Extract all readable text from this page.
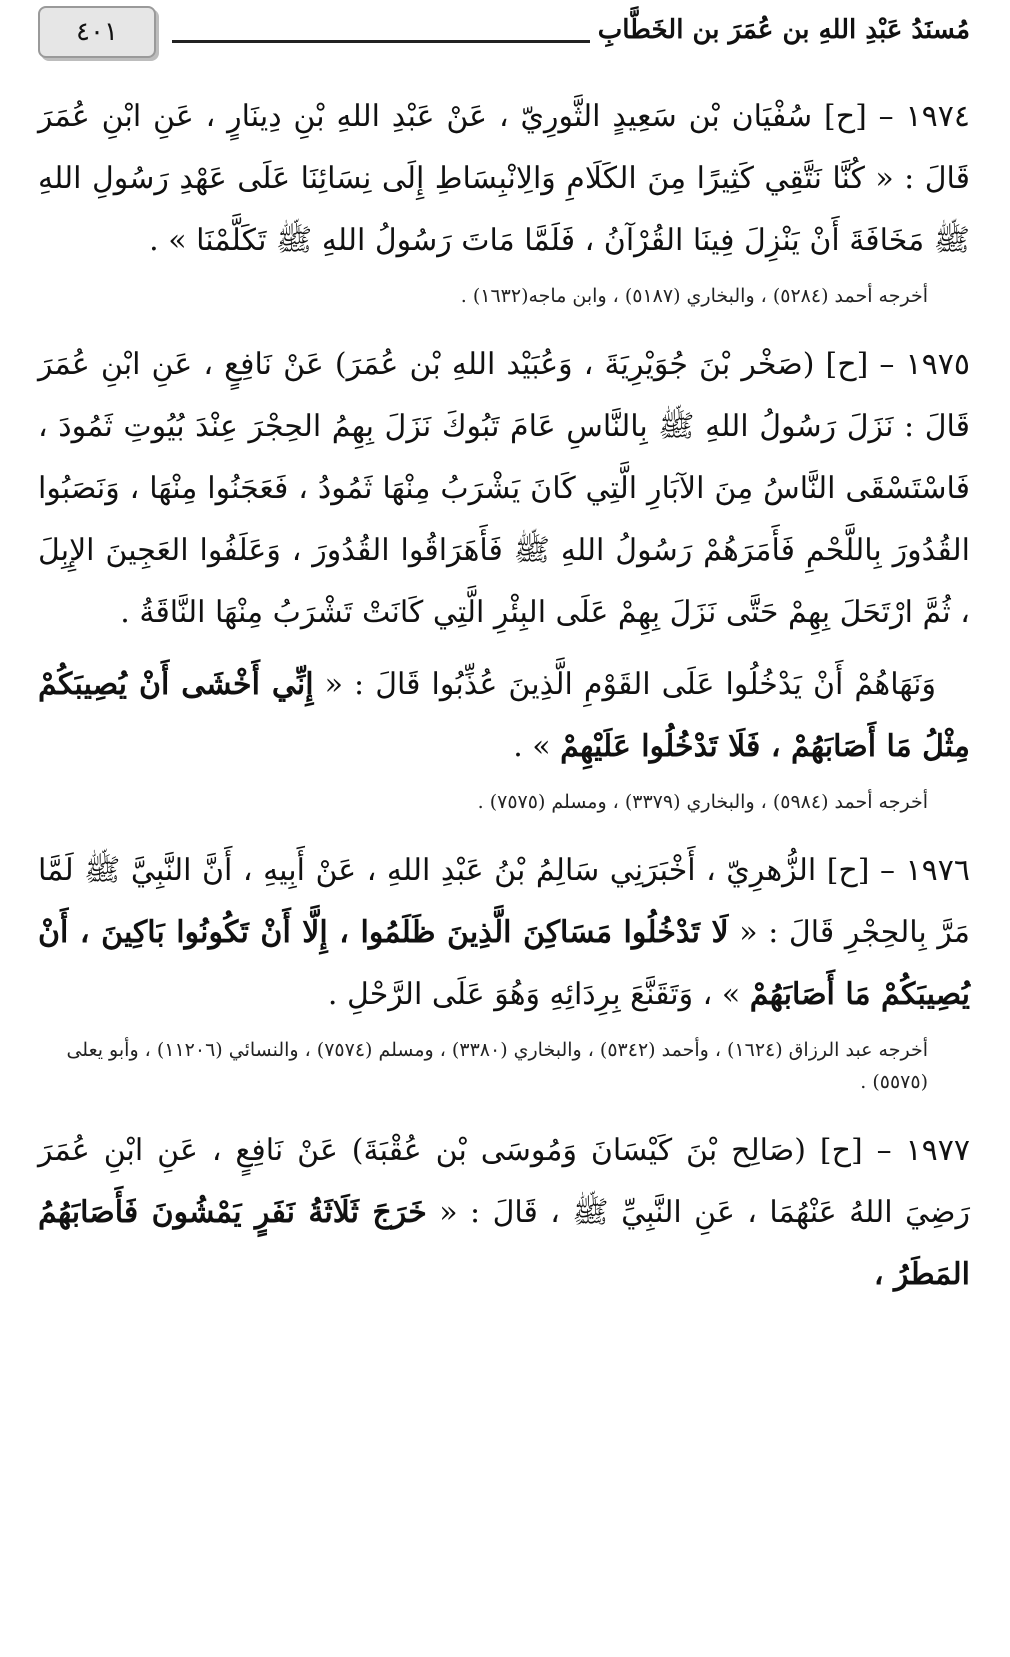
٤٠١	مُسنَدُ عَبْدِ اللهِ بن عُمَرَ بن الخَطَّابِ

١٩٧٤ – [ح] سُفْيَان بْن سَعِيدٍ الثَّورِيّ ، عَنْ عَبْدِ اللهِ بْنِ دِينَارٍ ، عَنِ ابْنِ عُمَرَ قَالَ : « كُنَّا نَتَّقِي كَثِيرًا مِنَ الكَلَامِ وَالِانْبِسَاطِ إِلَى نِسَائِنَا عَلَى عَهْدِ رَسُولِ اللهِ ﷺ مَخَافَةَ أَنْ يَنْزِلَ فِينَا القُرْآنُ ، فَلَمَّا مَاتَ رَسُولُ اللهِ ﷺ تَكَلَّمْنَا » .

أخرجه أحمد (٥٢٨٤) ، والبخاري (٥١٨٧) ، وابن ماجه(١٦٣٢) .

١٩٧٥ – [ح] (صَخْر بْنَ جُوَيْرِيَةَ ، وَعُبَيْد اللهِ بْن عُمَرَ) عَنْ نَافِعٍ ، عَنِ ابْنِ عُمَرَ قَالَ : نَزَلَ رَسُولُ اللهِ ﷺ بِالنَّاسِ عَامَ تَبُوكَ نَزَلَ بِهِمُ الحِجْرَ عِنْدَ بُيُوتِ ثَمُودَ ، فَاسْتَسْقَى النَّاسُ مِنَ الآبَارِ الَّتِي كَانَ يَشْرَبُ مِنْهَا ثَمُودُ ، فَعَجَنُوا مِنْهَا ، وَنَصَبُوا القُدُورَ بِاللَّحْمِ فَأَمَرَهُمْ رَسُولُ اللهِ ﷺ فَأَهَرَاقُوا القُدُورَ ، وَعَلَفُوا العَجِينَ الإِبِلَ ، ثُمَّ ارْتَحَلَ بِهِمْ حَتَّى نَزَلَ بِهِمْ عَلَى البِئْرِ الَّتِي كَانَتْ تَشْرَبُ مِنْهَا النَّاقَةُ .

وَنَهَاهُمْ أَنْ يَدْخُلُوا عَلَى القَوْمِ الَّذِينَ عُذِّبُوا قَالَ : « إِنِّي أَخْشَى أَنْ يُصِيبَكُمْ مِثْلُ مَا أَصَابَهُمْ ، فَلَا تَدْخُلُوا عَلَيْهِمْ » .

أخرجه أحمد (٥٩٨٤) ، والبخاري (٣٣٧٩) ، ومسلم (٧٥٧٥) .

١٩٧٦ – [ح] الزُّهرِيّ ، أَخْبَرَنِي سَالِمُ بْنُ عَبْدِ اللهِ ، عَنْ أَبِيهِ ، أَنَّ النَّبِيَّ ﷺ لَمَّا مَرَّ بِالحِجْرِ قَالَ : « لَا تَدْخُلُوا مَسَاكِنَ الَّذِينَ ظَلَمُوا ، إِلَّا أَنْ تَكُونُوا بَاكِينَ ، أَنْ يُصِيبَكُمْ مَا أَصَابَهُمْ » ، وَتَقَنَّعَ بِرِدَائِهِ وَهُوَ عَلَى الرَّحْلِ .

أخرجه عبد الرزاق (١٦٢٤) ، وأحمد (٥٣٤٢) ، والبخاري (٣٣٨٠) ، ومسلم (٧٥٧٤) ، والنسائي (١١٢٠٦) ، وأبو يعلى (٥٥٧٥) .

١٩٧٧ – [ح] (صَالِح بْنَ كَيْسَانَ وَمُوسَى بْن عُقْبَةَ) عَنْ نَافِعٍ ، عَنِ ابْنِ عُمَرَ رَضِيَ اللهُ عَنْهُمَا ، عَنِ النَّبِيِّ ﷺ ، قَالَ : « خَرَجَ ثَلَاثَةُ نَفَرٍ يَمْشُونَ فَأَصَابَهُمُ المَطَرُ ،
